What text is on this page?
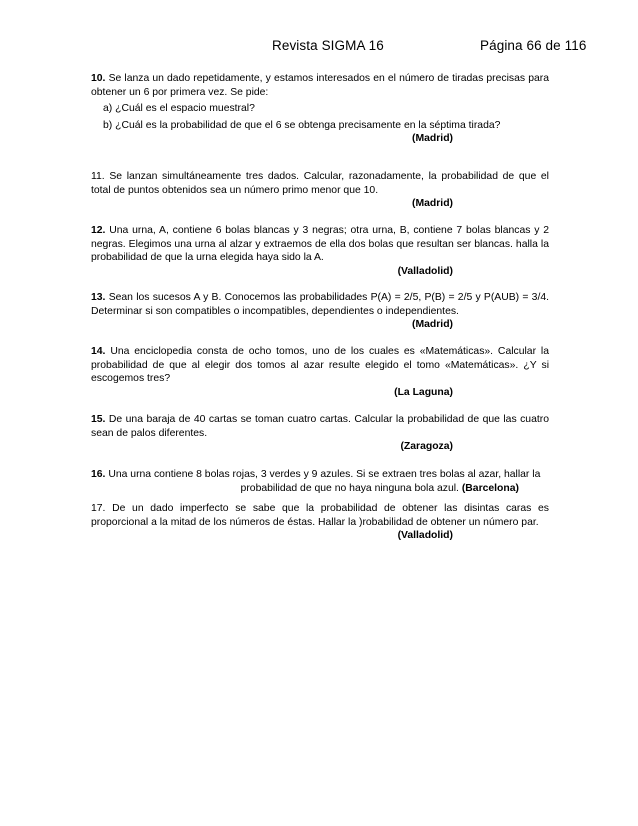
Revista SIGMA 16	Página 66 de 116

10. Se lanza un dado repetidamente, y estamos interesados en el número de tiradas precisas para obtener un 6 por primera vez. Se pide:

a) ¿Cuál es el espacio muestral?
b) ¿Cuál es la probabilidad de que el 6 se obtenga precisamente en la séptima tirada?
(Madrid)

11. Se lanzan simultáneamente tres dados. Calcular, razonadamente, la probabilidad de que el total de puntos obtenidos sea un número primo menor que 10.

(Madrid)

12. Una urna, A, contiene 6 bolas blancas y 3 negras; otra urna, B, contiene 7 bolas blancas y 2 negras. Elegimos una urna al alzar y extraemos de ella dos bolas que resultan ser blancas. halla la probabilidad de que la urna elegida haya sido la A.

(Valladolid)

13. Sean los sucesos A y B. Conocemos las probabilidades P(A) = 2/5, P(B) = 2/5 y P(AUB) = 3/4. Determinar si son compatibles o incompatibles, dependientes o independientes.

(Madrid)

14. Una enciclopedia consta de ocho tomos, uno de los cuales es «Matemáticas». Calcular la probabilidad de que al elegir dos tomos al azar resulte elegido el tomo «Matemáticas». ¿Y si escogemos tres?

(La Laguna)

15. De una baraja de 40 cartas se toman cuatro cartas. Calcular la probabilidad de que las cuatro sean de palos diferentes.

(Zaragoza)

16. Una urna contiene 8 bolas rojas, 3 verdes y 9 azules. Si se extraen tres bolas al azar, hallar la

probabilidad de que no haya ninguna bola azul. (Barcelona)

17. De un dado imperfecto se sabe que la probabilidad de obtener las disintas caras es proporcional a la mitad de los números de éstas. Hallar la )robabilidad de obtener un número par.

(Valladolid)
